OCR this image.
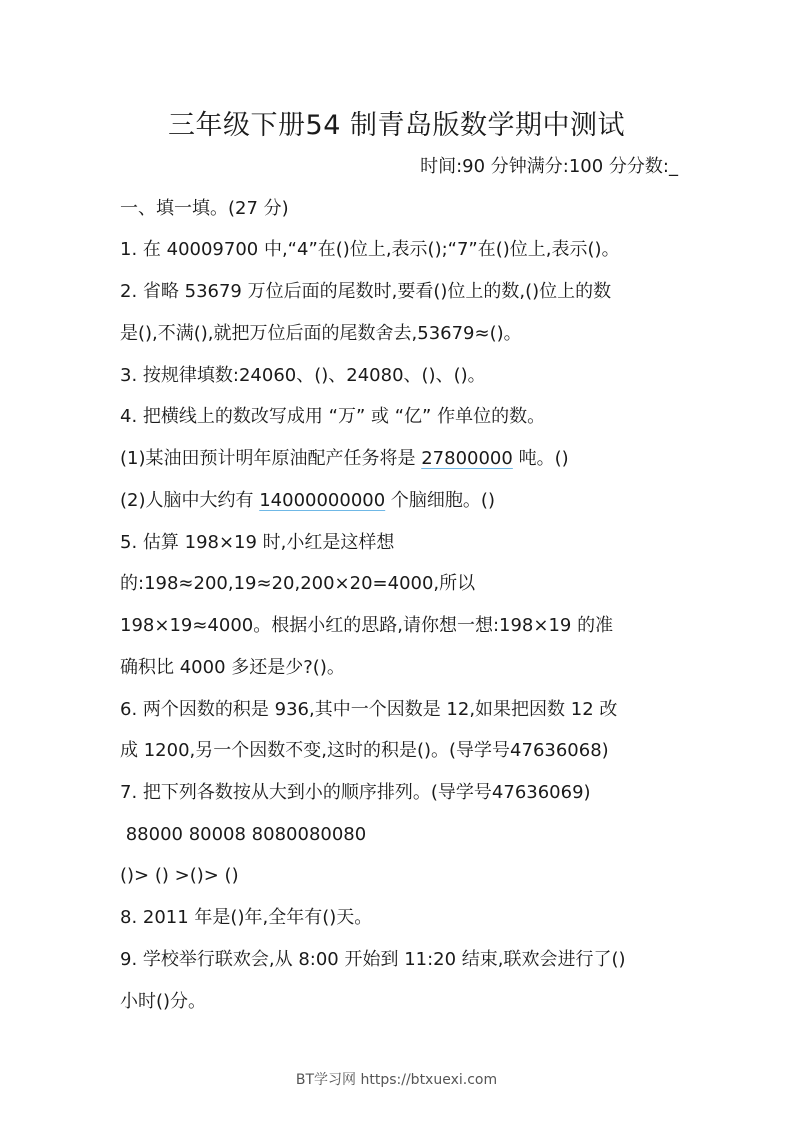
三年级下册54 制青岛版数学期中测试
时间:90 分钟满分:100 分分数:_
一、填一填。(27 分)
1. 在 40009700 中,“4”在()位上,表示();“7”在()位上,表示()。
2. 省略 53679 万位后面的尾数时,要看()位上的数,()位上的数
是(),不满(),就把万位后面的尾数舍去,53679≈()。
3. 按规律填数:24060、()、24080、()、()。
4. 把横线上的数改写成用 “万” 或 “亿” 作单位的数。
(1)某油田预计明年原油配产任务将是 27800000 吨。()
(2)人脑中大约有 14000000000 个脑细胞。()
5. 估算 198×19 时,小红是这样想
的:198≈200,19≈20,200×20=4000,所以
198×19≈4000。根据小红的思路,请你想一想:198×19 的准
确积比 4000 多还是少?()。
6. 两个因数的积是 936,其中一个因数是 12,如果把因数 12 改
成 1200,另一个因数不变,这时的积是()。(导学号47636068)
7. 把下列各数按从大到小的顺序排列。(导学号47636069)
88000 80008 8080080080
()> () >()> ()
8. 2011 年是()年,全年有()天。
9. 学校举行联欢会,从 8:00 开始到 11:20 结束,联欢会进行了()
小时()分。
BT学习网 https://btxuexi.com
